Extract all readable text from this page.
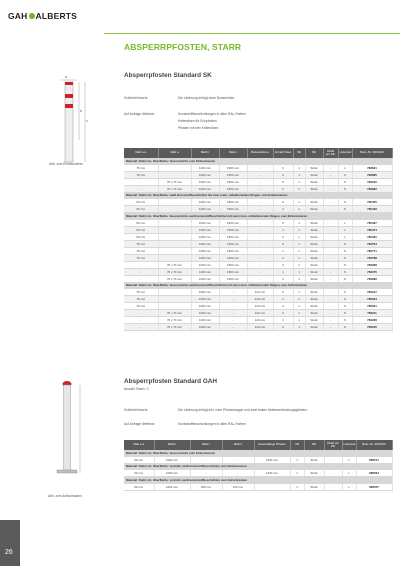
GAH ALBERTS
ABSPERRPFOSTEN, STARR
a
b
c
Abb. zum Einbetonieren
Absperrpfosten Standard SK
Zubehörhinweis:	Die Lieferung erfolgt ohne Bodenhülse.
Auf Anfrage lieferbar:	Kunststoffbeschichtungen in allen RAL-Farben
Kettenösen für Eckpfosten
Pfosten mit vier Kettenösen.
Maß a ⌀	Maß a	Maß b	Maß c	Bodenplatte ⌀	Anzahl Ösen	VE	PE	Inhalt pro PE	Lieferzeit	Best.-Nr. 4004100
Material: Stahl roh, Oberfläche: feuerverzinkt, zum Einbetonieren										
76 mm		1000 mm	1500 mm	-	0	1	Stück	-	L	782841
76 mm		1000 mm	1500 mm	-	2	1	Stück	-	S	782865
-	70 x 70 mm	1000 mm	1500 mm	-	0	1	Stück	-	S	782940
-	70 x 70 mm	1000 mm	1500 mm	-	2	1	Stück	-	S	782962
Material: Stahl roh, Oberfläche: weiß kunststoffbeschichtet mit zwei roten, reflektierenden Ringen, zum Einbetonieren										
60 mm		1000 mm	1500 mm	-	0	1	Stück	-	S	782405
60 mm		1000 mm	1500 mm	-	2	1	Stück	-	S	782429
Material: Stahl roh, Oberfläche: feuerverzinkt, weiß kunststoffbeschichtet mit zwei roten, reflektierenden Ringen, zum Einbetonieren										
60 mm		1000 mm	1500 mm	-	0	1	Stück	-	L	782467
60 mm		1000 mm	1500 mm	-	1	1	Stück	-	L	782474
60 mm		1000 mm	1500 mm	-	2	1	Stück	-	L	782481
76 mm		1000 mm	1500 mm	-	0	1	Stück	-	S	782764
76 mm		1000 mm	1500 mm	-	1	1	Stück	-	S	782771
76 mm		1000 mm	1500 mm	-	2	1	Stück	-	S	782788
-	70 x 70 mm	1000 mm	1500 mm	-	0	1	Stück	-	S	783068
-	70 x 70 mm	1000 mm	1500 mm	-	1	1	Stück	-	S	783075
-	70 x 70 mm	1000 mm	1500 mm	-	2	1	Stück	-	S	783082
Material: Stahl roh, Oberfläche: feuerverzinkt, weiß kunststoffbeschichtet mit zwei roten, reflektierenden Ringen, zum Aufschrauben										
76 mm		1000 mm	-	120 mm	0	1	Stück	-	S	782917
76 mm		1000 mm	-	120 mm	1	1	Stück	-	S	782924
76 mm		1000 mm	-	120 mm	2	1	Stück	-	S	782931
-	70 x 70 mm	1000 mm	-	120 mm	0	1	Stück	-	S	783211
-	70 x 70 mm	1000 mm	-	120 mm	1	1	Stück	-	S	783228
-	70 x 70 mm	1000 mm	-	120 mm	2	1	Stück	-	S	783235
Abb. zum Aufschrauben
Absperrpfosten Standard GAH
Anzahl Ösen: 2
Zubehörhinweis:	Die Lieferung erfolgt inkl. roter Pfostenkappe und zwei basen Kettenverbindungsgliedern.
Auf Anfrage lieferbar:	Kunststoffbeschichtungen in allen RAL-Farben
Maß a ⌀	Maß b	Maß c	Maß d	Gesamtlänge Pfosten	VE	PE	Inhalt pro PE	Lieferzeit	Best.-Nr. 4004100
Material: Stahl roh, Oberfläche: feuerverzinkt, zum Einbetonieren									
60 mm	1000 mm	-	-	1400 mm	1	Stück	-	L	686571
Material: Stahl roh, Oberfläche: verzinkt, weiß kunststoffbeschichtet, zum Einbetonieren									
60 mm	1000 mm	-	-	1400 mm	1	Stück	-	L	686564
Material: Stahl roh, Oberfläche: verzinkt, weiß kunststoffbeschichtet, zum Aufschrauben									
60 mm	1000 mm	180 mm	120 mm	-	1	Stück	-	L	686557
26
